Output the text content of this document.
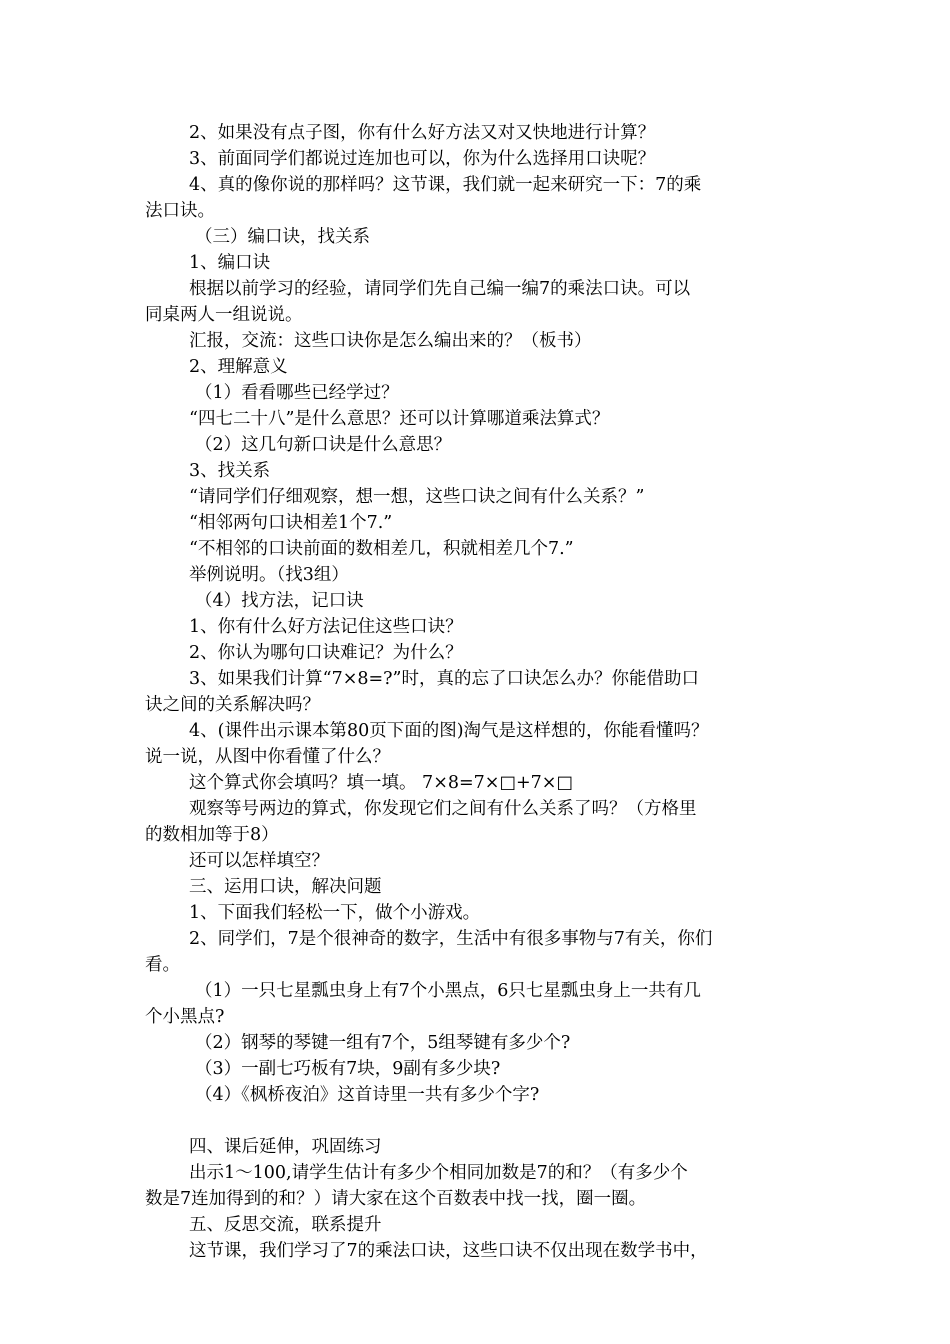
2、如果没有点子图，你有什么好方法又对又快地进行计算？
3、前面同学们都说过连加也可以，你为什么选择用口诀呢？
4、真的像你说的那样吗？这节课，我们就一起来研究一下：7的乘
法口诀。
（三）编口诀，找关系
1、编口诀
根据以前学习的经验，请同学们先自己编一编7的乘法口诀。可以
同桌两人一组说说。
汇报，交流：这些口诀你是怎么编出来的？（板书）
2、理解意义
（1）看看哪些已经学过？
“四七二十八”是什么意思？还可以计算哪道乘法算式？
（2）这几句新口诀是什么意思？
3、找关系
“请同学们仔细观察，想一想，这些口诀之间有什么关系？”
“相邻两句口诀相差1个7.”
“不相邻的口诀前面的数相差几，积就相差几个7.”
举例说明。（找3组）
（4）找方法，记口诀
1、你有什么好方法记住这些口诀？
2、你认为哪句口诀难记？为什么？
3、如果我们计算“7×8=?”时，真的忘了口诀怎么办？你能借助口
诀之间的关系解决吗？
4、(课件出示课本第80页下面的图)淘气是这样想的，你能看懂吗？
说一说，从图中你看懂了什么？
这个算式你会填吗？填一填。 7×8=7×□+7×□
观察等号两边的算式，你发现它们之间有什么关系了吗？（方格里
的数相加等于8）
还可以怎样填空？
三、运用口诀，解决问题
1、下面我们轻松一下，做个小游戏。
2、同学们，7是个很神奇的数字，生活中有很多事物与7有关，你们
看。
（1）一只七星瓢虫身上有7个小黑点，6只七星瓢虫身上一共有几
个小黑点?
（2）钢琴的琴键一组有7个，5组琴键有多少个?
（3）一副七巧板有7块，9副有多少块?
（4）《枫桥夜泊》这首诗里一共有多少个字?
四、课后延伸，巩固练习
出示1～100,请学生估计有多少个相同加数是7的和？（有多少个
数是7连加得到的和？）请大家在这个百数表中找一找，圈一圈。
五、反思交流，联系提升
这节课，我们学习了7的乘法口诀，这些口诀不仅出现在数学书中，
